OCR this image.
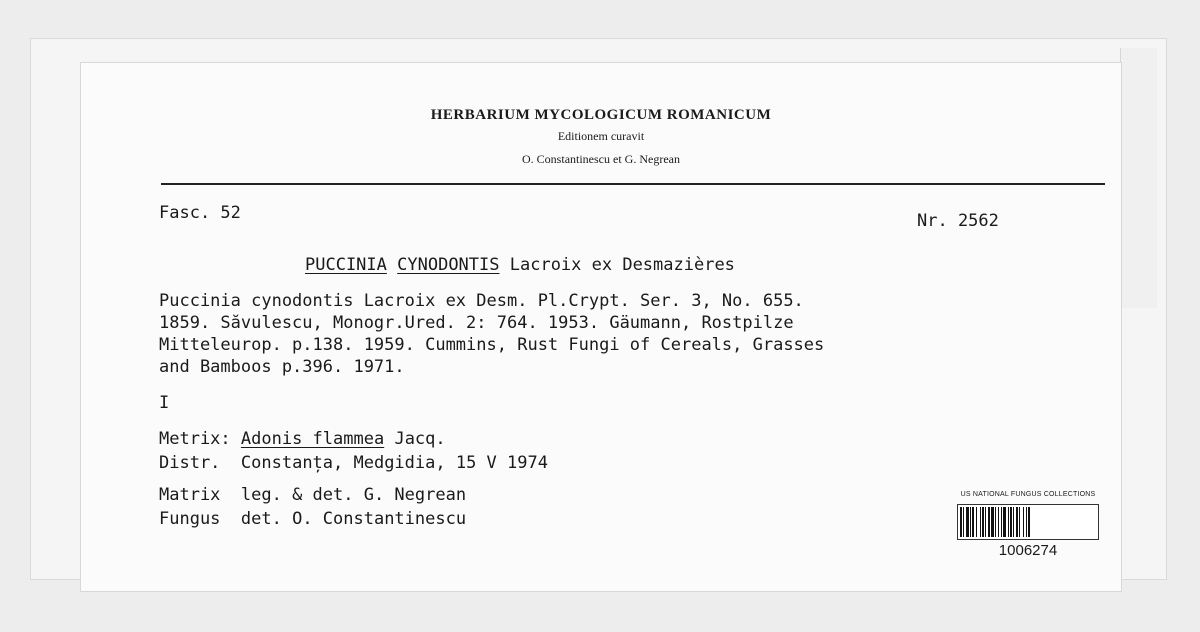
HERBARIUM MYCOLOGICUM ROMANICUM
Editionem curavit
O. Constantinescu et G. Negrean
Fasc. 52	Nr. 2562
PUCCINIA CYNODONTIS Lacroix ex Desmazières
Puccinia cynodontis Lacroix ex Desm. Pl.Crypt. Ser. 3, No. 655.
1859. Săvulescu, Monogr.Ured. 2: 764. 1953. Gäumann, Rostpilze
Mitteleurop. p.138. 1959. Cummins, Rust Fungi of Cereals, Grasses
and Bamboos p.396. 1971.
I
Metrix: Adonis flammea Jacq.
Distr. Constanța, Medgidia, 15 V 1974
Matrix leg. & det. G. Negrean
Fungus det. O. Constantinescu
US NATIONAL FUNGUS COLLECTIONS
1006274
